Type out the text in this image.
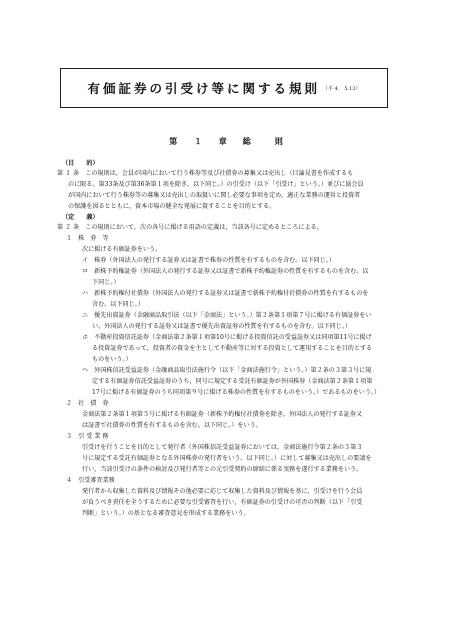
有価証券の引受け等に関する規則 （平 4． 5.13）
第 １ 章　　総　　　則
（目　　的）
第 １ 条　この規則は，会員が国内において行う株券等及び社債券の募集又は売出し（目論見書を作成するも
のに限る。第33条及び第36条第１項を除き，以下同じ。）の引受け（以下「引受け」という。）並びに協会員
が国内において行う株券等の募集又は売出しの取扱いに関し必要な事項を定め，適正な業務の運営と投資者
の保護を図るとともに，資本市場の健全な発展に資することを目的とする。
（定　　義）
第 ２ 条　この規則において，次の各号に掲げる用語の定義は，当該各号に定めるところによる。
１　株　券　等
次に掲げる有価証券をいう。
イ　株券（外国法人の発行する証券又は証書で株券の性質を有するものを含む。以下同じ。）
ロ　新株予約権証券（外国法人の発行する証券又は証書で新株予約権証券の性質を有するものを含む。以
下同じ。）
ハ　新株予約権付社債券（外国法人の発行する証券又は証書で新株予約権付社債券の性質を有するものを
含む。以下同じ。）
ニ　優先出資証券（金融商品取引法（以下「金商法」という。）第２条第１項第７号に掲げる有価証券をい
い，外国法人の発行する証券又は証書で優先出資証券の性質を有するものを含む。以下同じ。）
ホ　不動産投資信託証券（金商法第２条第１項第10号に掲げる投資信託の受益証券又は同項第11号に掲げ
る投資証券であって，投資者の資金を主として不動産等に対する投資として運用することを目的とする
ものをいう。）
ヘ　外国株信託受益証券（金融商品取引法施行令（以下「金商法施行令」という。）第２条の３第３号に規
定する有価証券信託受益証券のうち，同号に規定する受託有価証券が外国株券（金商法第２条第１項第
17号に掲げる有価証券のうち同項第９号に掲げる株券の性質を有するものをいう。）であるものをいう。）
２　社　債　券
金商法第２条第１項第５号に掲げる有価証券（新株予約権付社債券を除き，外国法人の発行する証券又
は証書で社債券の性質を有するものを含む。以下同じ。）をいう。
３　引 受 業 務
引受けを行うことを目的として発行者（外国株信託受益証券においては，金商法施行令第２条の３第３
号に規定する受託有価証券となる外国株券の発行者をいう。以下同じ。）に対して募集又は売出しの要請を
行い，当該引受けの条件の検討及び発行者等との元引受契約の締結に係る実務を遂行する業務をいう。
４　引受審査業務
発行者から収集した資料及び情報その他必要に応じて収集した資料及び情報を基に，引受けを行う会員
が負うべき責任を全うするために必要な引受審査を行い，有価証券の引受けの可否の判断（以下「引受
判断」という。）の基となる審査意見を形成する業務をいう。
